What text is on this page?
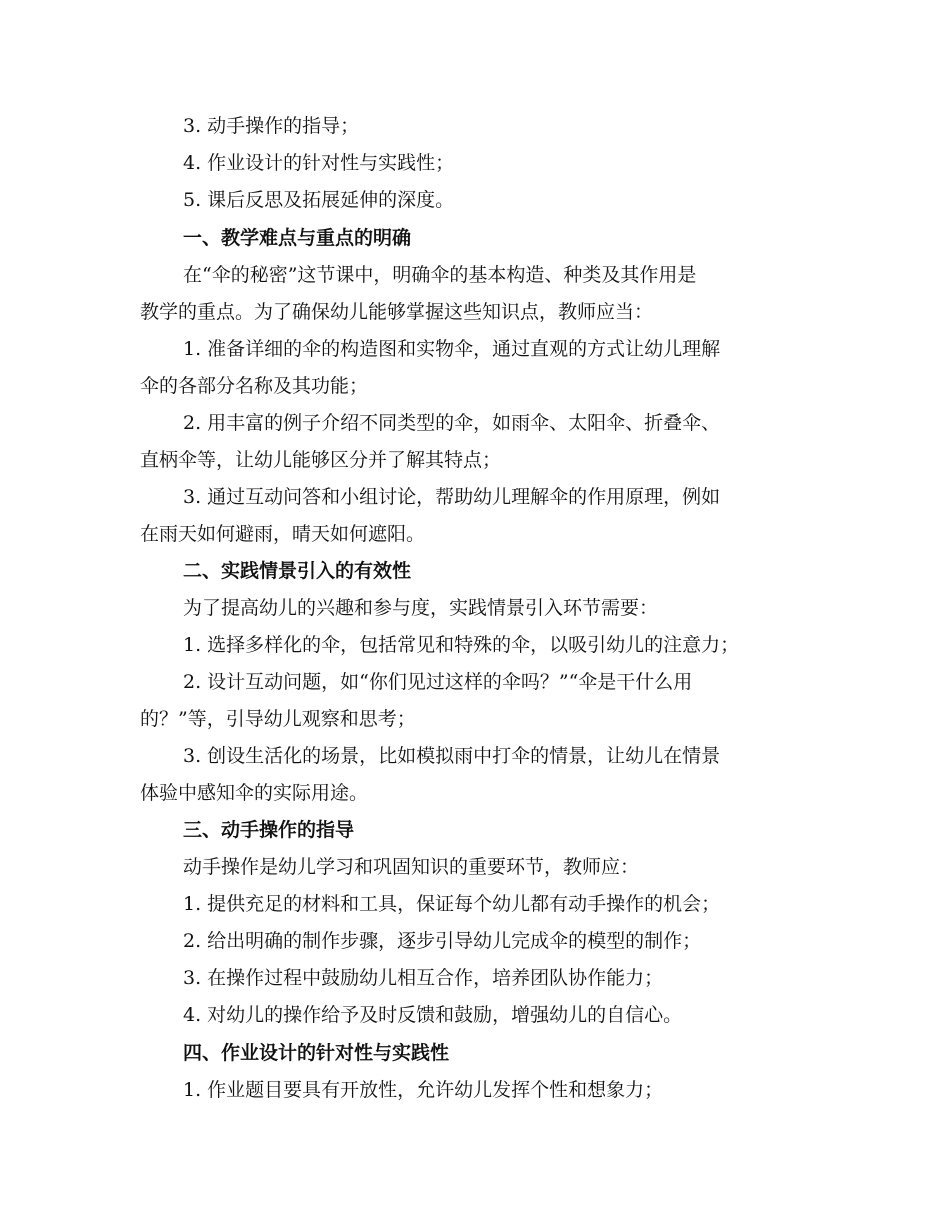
3. 动手操作的指导；
4. 作业设计的针对性与实践性；
5. 课后反思及拓展延伸的深度。
一、教学难点与重点的明确
在“伞的秘密”这节课中，明确伞的基本构造、种类及其作用是
教学的重点。为了确保幼儿能够掌握这些知识点，教师应当：
1. 准备详细的伞的构造图和实物伞，通过直观的方式让幼儿理解
伞的各部分名称及其功能；
2. 用丰富的例子介绍不同类型的伞，如雨伞、太阳伞、折叠伞、
直柄伞等，让幼儿能够区分并了解其特点；
3. 通过互动问答和小组讨论，帮助幼儿理解伞的作用原理，例如
在雨天如何避雨，晴天如何遮阳。
二、实践情景引入的有效性
为了提高幼儿的兴趣和参与度，实践情景引入环节需要：
1. 选择多样化的伞，包括常见和特殊的伞，以吸引幼儿的注意力；
2. 设计互动问题，如“你们见过这样的伞吗？”“伞是干什么用
的？”等，引导幼儿观察和思考；
3. 创设生活化的场景，比如模拟雨中打伞的情景，让幼儿在情景
体验中感知伞的实际用途。
三、动手操作的指导
动手操作是幼儿学习和巩固知识的重要环节，教师应：
1. 提供充足的材料和工具，保证每个幼儿都有动手操作的机会；
2. 给出明确的制作步骤，逐步引导幼儿完成伞的模型的制作；
3. 在操作过程中鼓励幼儿相互合作，培养团队协作能力；
4. 对幼儿的操作给予及时反馈和鼓励，增强幼儿的自信心。
四、作业设计的针对性与实践性
1. 作业题目要具有开放性，允许幼儿发挥个性和想象力；
